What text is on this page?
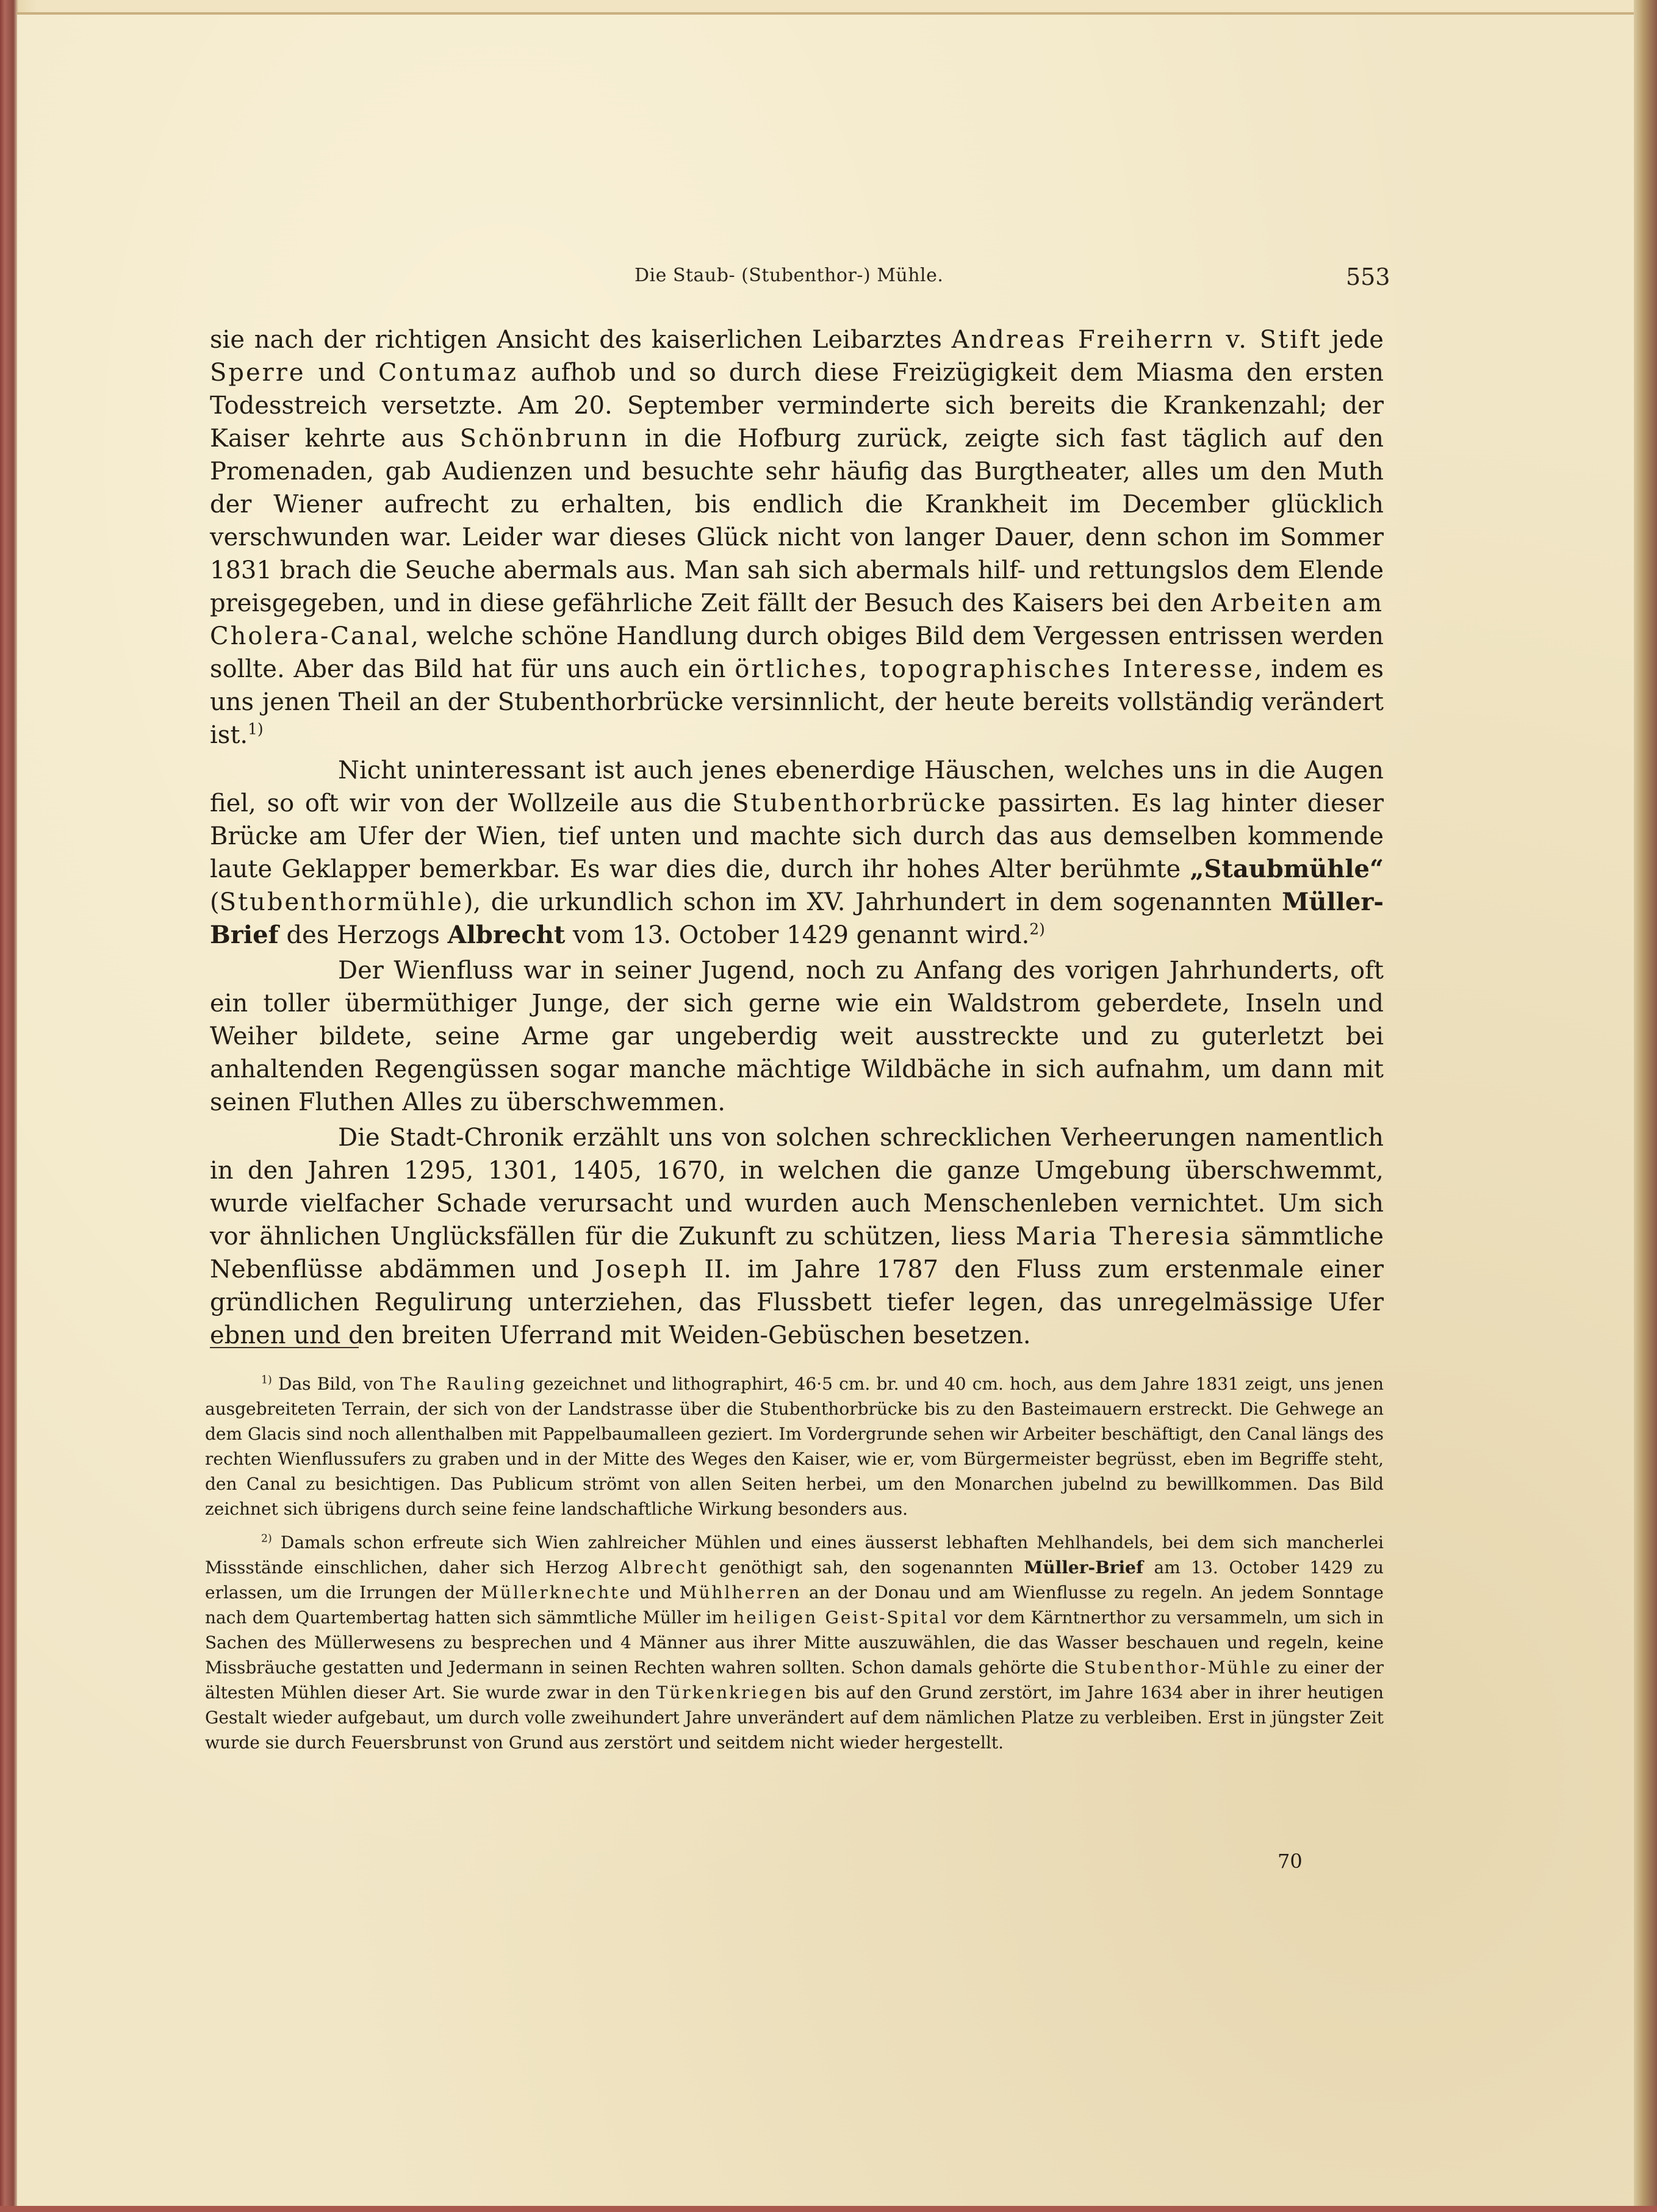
Die Staub- (Stubenthor-) Mühle.	553

sie nach der richtigen Ansicht des kaiserlichen Leibarztes Andreas Freiherrn v. Stift jede Sperre und Contumaz aufhob und so durch diese Freizügigkeit dem Miasma den ersten Todesstreich versetzte. Am 20. September verminderte sich bereits die Krankenzahl; der Kaiser kehrte aus Schönbrunn in die Hofburg zurück, zeigte sich fast täglich auf den Promenaden, gab Audienzen und besuchte sehr häufig das Burgtheater, alles um den Muth der Wiener aufrecht zu erhalten, bis endlich die Krankheit im December glücklich verschwunden war. Leider war dieses Glück nicht von langer Dauer, denn schon im Sommer 1831 brach die Seuche abermals aus. Man sah sich abermals hilf- und rettungslos dem Elende preisgegeben, und in diese gefährliche Zeit fällt der Besuch des Kaisers bei den Arbeiten am Cholera-Canal, welche schöne Handlung durch obiges Bild dem Vergessen entrissen werden sollte. Aber das Bild hat für uns auch ein örtliches, topographisches Interesse, indem es uns jenen Theil an der Stubenthorbrücke versinnlicht, der heute bereits vollständig verändert ist.$^{1)}$

Nicht uninteressant ist auch jenes ebenerdige Häuschen, welches uns in die Augen fiel, so oft wir von der Wollzeile aus die Stubenthorbrücke passirten. Es lag hinter dieser Brücke am Ufer der Wien, tief unten und machte sich durch das aus demselben kommende laute Geklapper bemerkbar. Es war dies die, durch ihr hohes Alter berühmte „Staubmühle“ (Stubenthormühle), die urkundlich schon im XV. Jahrhundert in dem sogenannten Müller-Brief des Herzogs Albrecht vom 13. October 1429 genannt wird.$^{2)}$

Der Wienfluss war in seiner Jugend, noch zu Anfang des vorigen Jahrhunderts, oft ein toller übermüthiger Junge, der sich gerne wie ein Waldstrom geberdete, Inseln und Weiher bildete, seine Arme gar ungeberdig weit ausstreckte und zu guterletzt bei anhaltenden Regengüssen sogar manche mächtige Wildbäche in sich aufnahm, um dann mit seinen Fluthen Alles zu überschwemmen.

Die Stadt-Chronik erzählt uns von solchen schrecklichen Verheerungen namentlich in den Jahren 1295, 1301, 1405, 1670, in welchen die ganze Umgebung überschwemmt, wurde vielfacher Schade verursacht und wurden auch Menschenleben vernichtet. Um sich vor ähnlichen Unglücksfällen für die Zukunft zu schützen, liess Maria Theresia sämmtliche Nebenflüsse abdämmen und Joseph II. im Jahre 1787 den Fluss zum erstenmale einer gründlichen Regulirung unterziehen, das Flussbett tiefer legen, das unregelmässige Ufer ebnen und den breiten Uferrand mit Weiden-Gebüschen besetzen.

$^{1)}$ Das Bild, von The Rauling gezeichnet und lithographirt, 46·5 cm. br. und 40 cm. hoch, aus dem Jahre 1831 zeigt, uns jenen ausgebreiteten Terrain, der sich von der Landstrasse über die Stubenthorbrücke bis zu den Basteimauern erstreckt. Die Gehwege an dem Glacis sind noch allenthalben mit Pappelbaumalleen geziert. Im Vordergrunde sehen wir Arbeiter beschäftigt, den Canal längs des rechten Wienflussufers zu graben und in der Mitte des Weges den Kaiser, wie er, vom Bürgermeister begrüsst, eben im Begriffe steht, den Canal zu besichtigen. Das Publicum strömt von allen Seiten herbei, um den Monarchen jubelnd zu bewillkommen. Das Bild zeichnet sich übrigens durch seine feine landschaftliche Wirkung besonders aus.

$^{2)}$ Damals schon erfreute sich Wien zahlreicher Mühlen und eines äusserst lebhaften Mehlhandels, bei dem sich mancherlei Missstände einschlichen, daher sich Herzog Albrecht genöthigt sah, den sogenannten Müller-Brief am 13. October 1429 zu erlassen, um die Irrungen der Müllerknechte und Mühlherren an der Donau und am Wienflusse zu regeln. An jedem Sonntage nach dem Quartembertag hatten sich sämmtliche Müller im heiligen Geist-Spital vor dem Kärntnerthor zu versammeln, um sich in Sachen des Müllerwesens zu besprechen und 4 Männer aus ihrer Mitte auszuwählen, die das Wasser beschauen und regeln, keine Missbräuche gestatten und Jedermann in seinen Rechten wahren sollten. Schon damals gehörte die Stubenthor-Mühle zu einer der ältesten Mühlen dieser Art. Sie wurde zwar in den Türkenkriegen bis auf den Grund zerstört, im Jahre 1634 aber in ihrer heutigen Gestalt wieder aufgebaut, um durch volle zweihundert Jahre unverändert auf dem nämlichen Platze zu verbleiben. Erst in jüngster Zeit wurde sie durch Feuersbrunst von Grund aus zerstört und seitdem nicht wieder hergestellt.

70
